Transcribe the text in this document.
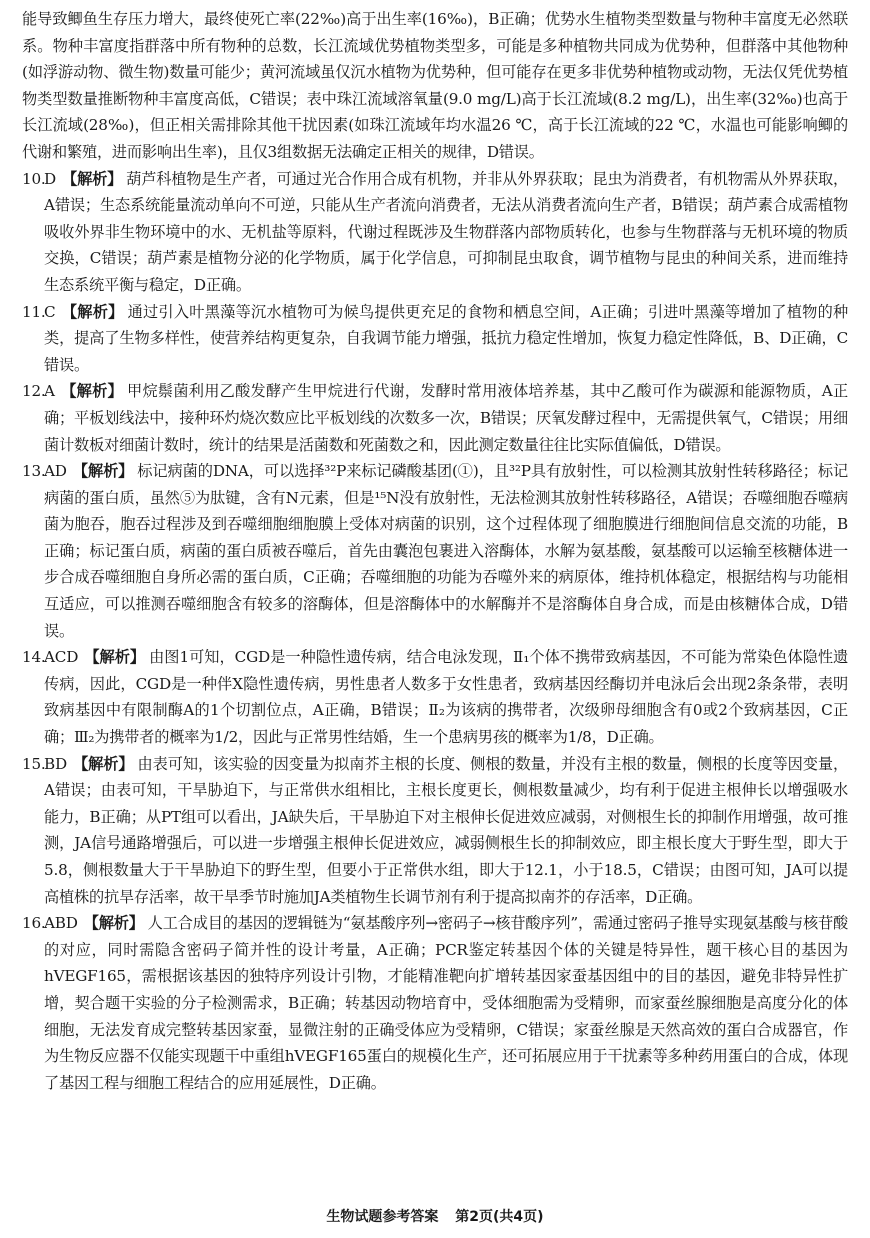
能导致鲫鱼生存压力增大，最终使死亡率(22‰)高于出生率(16‰)，B正确；优势水生植物类型数量与物种丰富度无必然联系。物种丰富度指群落中所有物种的总数，长江流域优势植物类型多，可能是多种植物共同成为优势种，但群落中其他物种(如浮游动物、微生物)数量可能少；黄河流域虽仅沉水植物为优势种，但可能存在更多非优势种植物或动物，无法仅凭优势植物类型数量推断物种丰富度高低，C错误；表中珠江流域溶氧量(9.0 mg/L)高于长江流域(8.2 mg/L)，出生率(32‰)也高于长江流域(28‰)，但正相关需排除其他干扰因素(如珠江流域年均水温26 ℃，高于长江流域的22 ℃，水温也可能影响鲫的代谢和繁殖，进而影响出生率)，且仅3组数据无法确定正相关的规律，D错误。

10.
D 【解析】 葫芦科植物是生产者，可通过光合作用合成有机物，并非从外界获取；昆虫为消费者，有机物需从外界获取，A错误；生态系统能量流动单向不可逆，只能从生产者流向消费者，无法从消费者流向生产者，B错误；葫芦素合成需植物吸收外界非生物环境中的水、无机盐等原料，代谢过程既涉及生物群落内部物质转化，也参与生物群落与无机环境的物质交换，C错误；葫芦素是植物分泌的化学物质，属于化学信息，可抑制昆虫取食，调节植物与昆虫的种间关系，进而维持生态系统平衡与稳定，D正确。

11.
C 【解析】 通过引入叶黑藻等沉水植物可为候鸟提供更充足的食物和栖息空间，A正确；引进叶黑藻等增加了植物的种类，提高了生物多样性，使营养结构更复杂，自我调节能力增强，抵抗力稳定性增加，恢复力稳定性降低，B、D正确，C错误。

12.
A 【解析】 甲烷鬃菌利用乙酸发酵产生甲烷进行代谢，发酵时常用液体培养基，其中乙酸可作为碳源和能源物质，A正确；平板划线法中，接种环灼烧次数应比平板划线的次数多一次，B错误；厌氧发酵过程中，无需提供氧气，C错误；用细菌计数板对细菌计数时，统计的结果是活菌数和死菌数之和，因此测定数量往往比实际值偏低，D错误。

13.
AD 【解析】 标记病菌的DNA，可以选择³²P来标记磷酸基团(①)，且³²P具有放射性，可以检测其放射性转移路径；标记病菌的蛋白质，虽然⑤为肽键，含有N元素，但是¹⁵N没有放射性，无法检测其放射性转移路径，A错误；吞噬细胞吞噬病菌为胞吞，胞吞过程涉及到吞噬细胞细胞膜上受体对病菌的识别，这个过程体现了细胞膜进行细胞间信息交流的功能，B正确；标记蛋白质，病菌的蛋白质被吞噬后，首先由囊泡包裹进入溶酶体，水解为氨基酸，氨基酸可以运输至核糖体进一步合成吞噬细胞自身所必需的蛋白质，C正确；吞噬细胞的功能为吞噬外来的病原体，维持机体稳定，根据结构与功能相互适应，可以推测吞噬细胞含有较多的溶酶体，但是溶酶体中的水解酶并不是溶酶体自身合成，而是由核糖体合成，D错误。

14.
ACD 【解析】 由图1可知，CGD是一种隐性遗传病，结合电泳发现，Ⅱ₁个体不携带致病基因，不可能为常染色体隐性遗传病，因此，CGD是一种伴X隐性遗传病，男性患者人数多于女性患者，致病基因经酶切并电泳后会出现2条条带，表明致病基因中有限制酶A的1个切割位点，A正确，B错误；Ⅱ₂为该病的携带者，次级卵母细胞含有0或2个致病基因，C正确；Ⅲ₂为携带者的概率为1/2，因此与正常男性结婚，生一个患病男孩的概率为1/8，D正确。

15.
BD 【解析】 由表可知，该实验的因变量为拟南芥主根的长度、侧根的数量，并没有主根的数量，侧根的长度等因变量，A错误；由表可知，干旱胁迫下，与正常供水组相比，主根长度更长，侧根数量减少，均有利于促进主根伸长以增强吸水能力，B正确；从PT组可以看出，JA缺失后，干旱胁迫下对主根伸长促进效应减弱，对侧根生长的抑制作用增强，故可推测，JA信号通路增强后，可以进一步增强主根伸长促进效应，减弱侧根生长的抑制效应，即主根长度大于野生型，即大于5.8，侧根数量大于干旱胁迫下的野生型，但要小于正常供水组，即大于12.1，小于18.5，C错误；由图可知，JA可以提高植株的抗旱存活率，故干旱季节时施加JA类植物生长调节剂有利于提高拟南芥的存活率，D正确。

16.
ABD 【解析】 人工合成目的基因的逻辑链为“氨基酸序列→密码子→核苷酸序列”，需通过密码子推导实现氨基酸与核苷酸的对应，同时需隐含密码子简并性的设计考量，A正确；PCR鉴定转基因个体的关键是特异性，题干核心目的基因为hVEGF165，需根据该基因的独特序列设计引物，才能精准靶向扩增转基因家蚕基因组中的目的基因，避免非特异性扩增，契合题干实验的分子检测需求，B正确；转基因动物培育中，受体细胞需为受精卵，而家蚕丝腺细胞是高度分化的体细胞，无法发育成完整转基因家蚕，显微注射的正确受体应为受精卵，C错误；家蚕丝腺是天然高效的蛋白合成器官，作为生物反应器不仅能实现题干中重组hVEGF165蛋白的规模化生产，还可拓展应用于干扰素等多种药用蛋白的合成，体现了基因工程与细胞工程结合的应用延展性，D正确。

生物试题参考答案 第2页(共4页)
